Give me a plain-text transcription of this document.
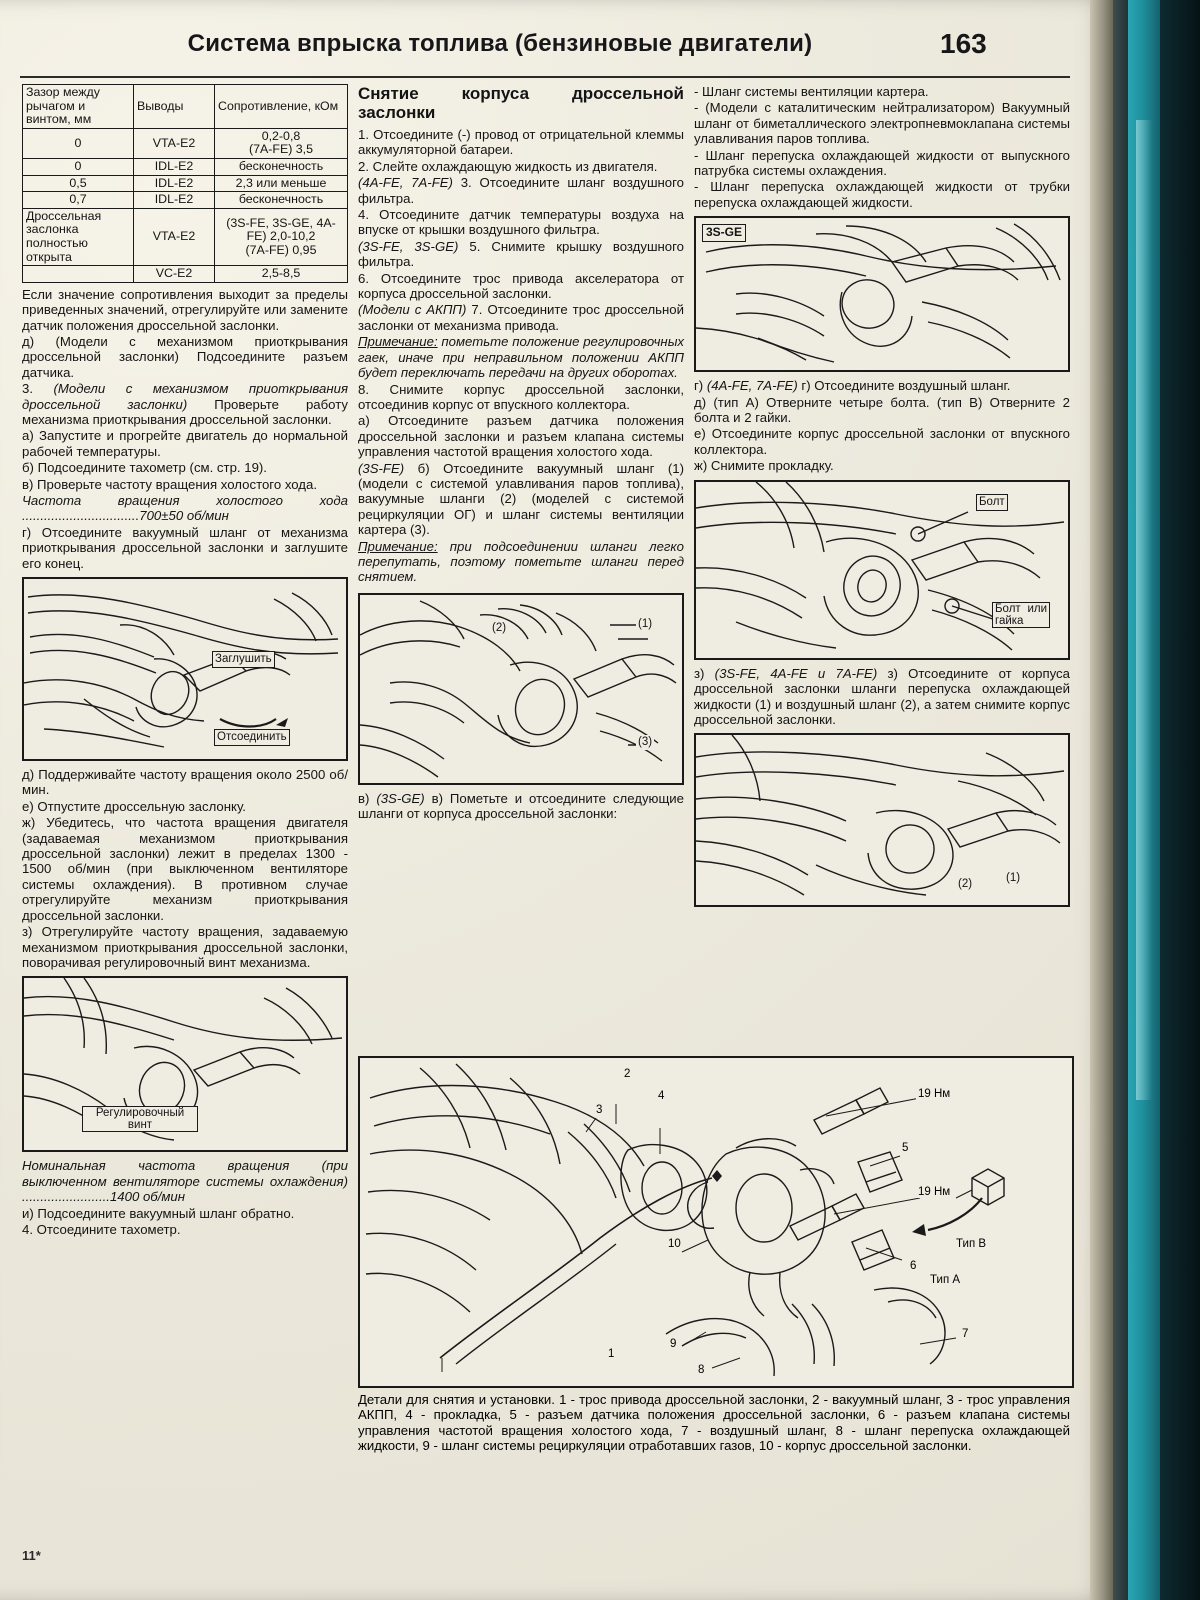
Система впрыска топлива (бензиновые двигатели)	163
Зазор между рычагом и винтом, мм	Выводы	Сопротивление, кОм
0	VTA-E2	0,2-0,8
(7A-FE) 3,5
0	IDL-E2	бесконечность
0,5	IDL-E2	2,3 или меньше
0,7	IDL-E2	бесконечность
Дроссельная заслонка полностью открыта	VTA-E2	(3S-FE, 3S-GE, 4A-FE) 2,0-10,2
(7A-FE) 0,95
	VC-E2	2,5-8,5

Если значение сопротивления выходит за пределы приведенных значений, отрегулируйте или замените датчик положения дроссельной заслонки.

д) (Модели с механизмом приоткрывания дроссельной заслонки) Подсоедините разъем датчика.

3. (Модели с механизмом приоткрывания дроссельной заслонки) Проверьте работу механизма приоткрывания дроссельной заслонки.

а) Запустите и прогрейте двигатель до нормальной рабочей температуры.

б) Подсоедините тахометр (см. стр. 19).

в) Проверьте частоту вращения холостого хода.

Частота вращения холостого хода ................................700±50 об/мин

г) Отсоедините вакуумный шланг от механизма приоткрывания дроссельной заслонки и заглушите его конец.

Заглушить
Отсоединить

д) Поддерживайте частоту вращения около 2500 об/мин.

е) Отпустите дроссельную заслонку.

ж) Убедитесь, что частота вращения двигателя (задаваемая механизмом приоткрывания дроссельной заслонки) лежит в пределах 1300 - 1500 об/мин (при выключенном вентиляторе системы охлаждения). В противном случае отрегулируйте механизм приоткрывания дроссельной заслонки.

з) Отрегулируйте частоту вращения, задаваемую механизмом приоткрывания дроссельной заслонки, поворачивая регулировочный винт механизма.

Регулировочный винт

Номинальная частота вращения (при выключенном вентиляторе системы охлаждения) ........................1400 об/мин

и) Подсоедините вакуумный шланг обратно.

4. Отсоедините тахометр.

Снятие корпуса дроссельной заслонки

1. Отсоедините (-) провод от отрицательной клеммы аккумуляторной батареи.

2. Слейте охлаждающую жидкость из двигателя.

(4A-FE, 7A-FE) 3. Отсоедините шланг воздушного фильтра.

4. Отсоедините датчик температуры воздуха на впуске от крышки воздушного фильтра.

(3S-FE, 3S-GE) 5. Снимите крышку воздушного фильтра.

6. Отсоедините трос привода акселератора от корпуса дроссельной заслонки.

(Модели с АКПП) 7. Отсоедините трос дроссельной заслонки от механизма привода.

Примечание: пометьте положение регулировочных гаек, иначе при неправильном положении АКПП будет переключать передачи на других оборотах.

8. Снимите корпус дроссельной заслонки, отсоединив корпус от впускного коллектора.

а) Отсоедините разъем датчика положения дроссельной заслонки и разъем клапана системы управления частотой вращения холостого хода.

(3S-FE) б) Отсоедините вакуумный шланг (1) (модели с системой улавливания паров топлива), вакуумные шланги (2) (моделей с системой рециркуляции ОГ) и шланг системы вентиляции картера (3).

Примечание: при подсоединении шланги легко перепутать, поэтому пометьте шланги перед снятием.

(1)
(2)
(3)

в) (3S-GE) в) Пометьте и отсоедините следующие шланги от корпуса дроссельной заслонки:

- Шланг системы вентиляции картера.

- (Модели с каталитическим нейтрализатором) Вакуумный шланг от биметаллического электропневмоклапана системы улавливания паров топлива.

- Шланг перепуска охлаждающей жидкости от выпускного патрубка системы охлаждения.

- Шланг перепуска охлаждающей жидкости от трубки перепуска охлаждающей жидкости.

3S-GE

г) (4A-FE, 7A-FE) г) Отсоедините воздушный шланг.

д) (тип А) Отверните четыре болта. (тип В) Отверните 2 болта и 2 гайки.

е) Отсоедините корпус дроссельной заслонки от впускного коллектора.

ж) Снимите прокладку.

Болт
Болт или гайка

з) (3S-FE, 4A-FE и 7A-FE) з) Отсоедините от корпуса дроссельной заслонки шланги перепуска охлаждающей жидкости (1) и воздушный шланг (2), а затем снимите корпус дроссельной заслонки.

(1)
(2)
1
2
3
4
5
6
7
8
9
10
19 Нм
19 Нм
Тип В
Тип А
Детали для снятия и установки. 1 - трос привода дроссельной заслонки, 2 - вакуумный шланг, 3 - трос управления АКПП, 4 - прокладка, 5 - разъем датчика положения дроссельной заслонки, 6 - разъем клапана системы управления частотой вращения холостого хода, 7 - воздушный шланг, 8 - шланг перепуска охлаждающей жидкости, 9 - шланг системы рециркуляции отработавших газов, 10 - корпус дроссельной заслонки.
11*
